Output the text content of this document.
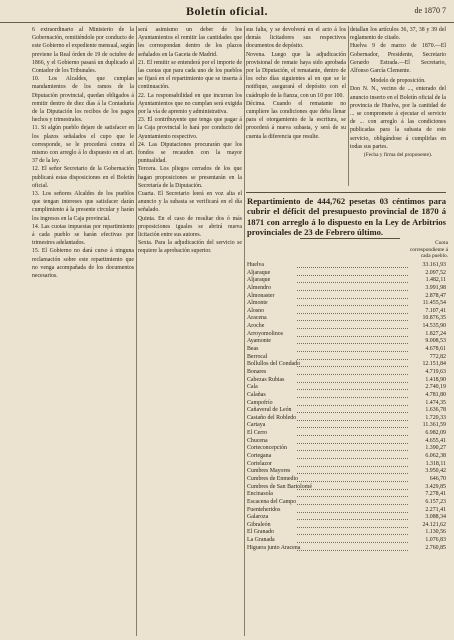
Boletín oficial.	de 1870 7

6 extraordinario al Ministerio de la Gobernación, remitiéndole por conducto de este Gobierno el expediente mensual, según previene la Real órden de 19 de octubre de 1866, y el Gobierno pasará un duplicado al Contador de los Tribunales.

10. Los Alcaldes, que cumplan mandamientos de los ramos de la Diputación provincial, quedan obligados á remitir dentro de diez días á la Contaduría de la Diputación los recibos de los pagos hechos y trimestrales.

11. Si algún pueblo dejare de satisfacer en los plazos señalados el cupo que le corresponde, se le procederá contra el mismo con arreglo á lo dispuesto en el art. 37 de la ley.

12. El señor Secretario de la Gobernación publicará estas disposiciones en el Boletín oficial.

13. Los señores Alcaldes de los pueblos que tengan intereses que satisfacer darán cumplimiento á la presente circular y harán los ingresos en la Caja provincial.

14. Las cuotas impuestas por repartimiento á cada pueblo se harán efectivas por trimestres adelantados.

15. El Gobierno no dará curso á ninguna reclamación sobre este repartimiento que no venga acompañada de los documentos necesarios.

será asimismo un deber de los Ayuntamientos el remitir las cantidades que les correspondan dentro de los plazos señalados en la Gaceta de Madrid.

21. El remitir se entenderá por el importe de las cuotas que para cada uno de los pueblos se fijará en el repartimiento que se inserta á continuación.

22. La responsabilidad en que incurran los Ayuntamientos que no cumplan será exigida por la vía de apremio y administrativa.

23. El contribuyente que tenga que pagar á la Caja provincial lo hará por conducto del Ayuntamiento respectivo.

24. Las Diputaciones procurarán que los fondos se recauden con la mayor puntualidad.

Tercera. Los pliegos cerrados de los que hagan proposiciones se presentarán en la Secretaría de la Diputación.

Cuarta. El Secretario leerá en voz alta el anuncio y la subasta se verificará en el día señalado.

Quinta. En el caso de resultar dos ó más proposiciones iguales se abrirá nueva licitación entre sus autores.

Sexta. Para la adjudicación del servicio se requiere la aprobación superior.

sus falta, y se devolverá en el acto á los demás licitadores sus respectivos documentos de depósito.

Novena. Luego que la adjudicación provisional de remate haya sido aprobada por la Diputación, el rematante, dentro de los ocho días siguientes al en que se le notifique, asegurará el depósito con el cuádruplo de la fianza, con un 10 por 100.

Décima. Cuando el rematante no cumpliere las condiciones que deba llenar para el otorgamiento de la escritura, se procederá á nueva subasta, y será de su cuenta la diferencia que resulte.

detallan los artículos 36, 37, 38 y 39 del reglamento de citado.

Huelva 9 de marzo de 1870.—El Gobernador, Presidente, Secretario Gerardo Estrada.—El Secretario, Alfonso García Clemente.

Modelo de proposición.

Don N. N., vecino de ..., enterado del anuncio inserto en el Boletín oficial de la provincia de Huelva, por la cantidad de ... se compromete á ejecutar el servicio de ... con arreglo á las condiciones publicadas para la subasta de este servicio, obligándose á cumplirlas en todas sus partes.

(Fecha y firma del proponente).

Repartimiento de 444,762 pesetas 03 céntimos para cubrir el déficit del presupuesto provincial de 1870 á 1871 con arreglo á lo dispuesto en la Ley de Arbitrios provinciales de 23 de Febrero último.
Cuota correspondiente á cada pueblo.
Huelva	33.161,93
Aljaraque	2.097,52
Aljaraque	1.482,11
Almendro	3.991,98
Almonaster	2.878,47
Almonte	11.455,54
Alosno	7.107,41
Aracena	10.876,35
Aroche	14.535,90
Arroyomolinos	1.827,24
Ayamonte	9.008,53
Beas	4.678,61
Berrocal	772,82
Bollullos del Condado	12.151,84
Bonares	4.719,63
Cabezas Rubias	1.418,90
Cala	2.740,19
Calañas	4.781,80
Campofrío	1.474,35
Cañaveral de León	1.636,78
Castaño del Robledo	1.720,33
Cartaya	11.361,59
El Cerro	6.982,09
Chucena	4.655,41
Corteconcepción	1.390,27
Cortegana	6.062,38
Cortelazor	1.318,11
Cumbres Mayores	3.950,42
Cumbres de Enmedio	646,70
Cumbres de San Bartolomé	3.429,85
Encinasola	7.278,41
Escacena del Campo	6.157,23
Fuenteheridos	2.271,41
Galaroza	3.088,34
Gibraleón	24.121,62
El Granado	1.130,56
La Granada	1.076,83
Higuera junto Aracena	2.760,85
